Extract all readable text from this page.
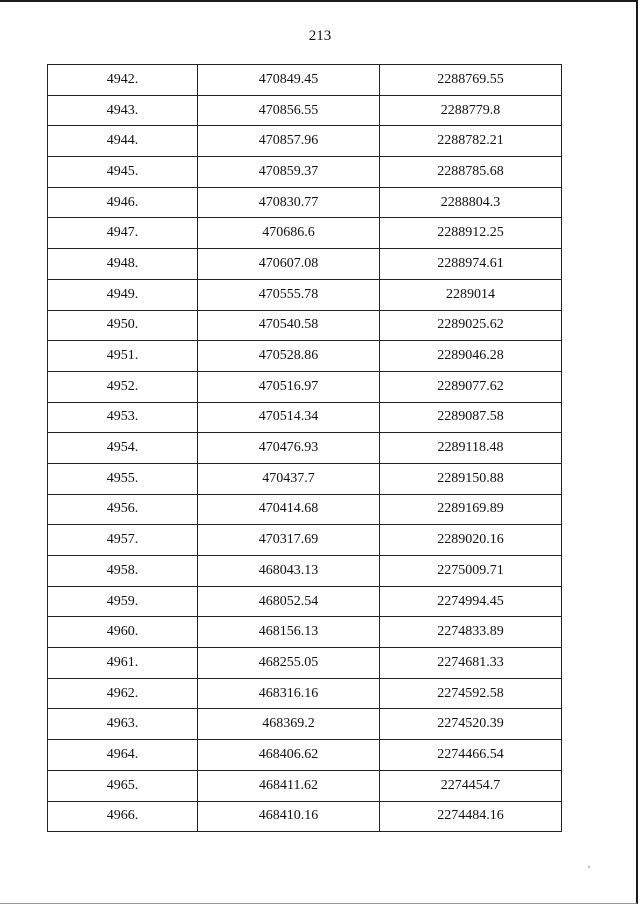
213
4942.	470849.45	2288769.55
4943.	470856.55	2288779.8
4944.	470857.96	2288782.21
4945.	470859.37	2288785.68
4946.	470830.77	2288804.3
4947.	470686.6	2288912.25
4948.	470607.08	2288974.61
4949.	470555.78	2289014
4950.	470540.58	2289025.62
4951.	470528.86	2289046.28
4952.	470516.97	2289077.62
4953.	470514.34	2289087.58
4954.	470476.93	2289118.48
4955.	470437.7	2289150.88
4956.	470414.68	2289169.89
4957.	470317.69	2289020.16
4958.	468043.13	2275009.71
4959.	468052.54	2274994.45
4960.	468156.13	2274833.89
4961.	468255.05	2274681.33
4962.	468316.16	2274592.58
4963.	468369.2	2274520.39
4964.	468406.62	2274466.54
4965.	468411.62	2274454.7
4966.	468410.16	2274484.16
